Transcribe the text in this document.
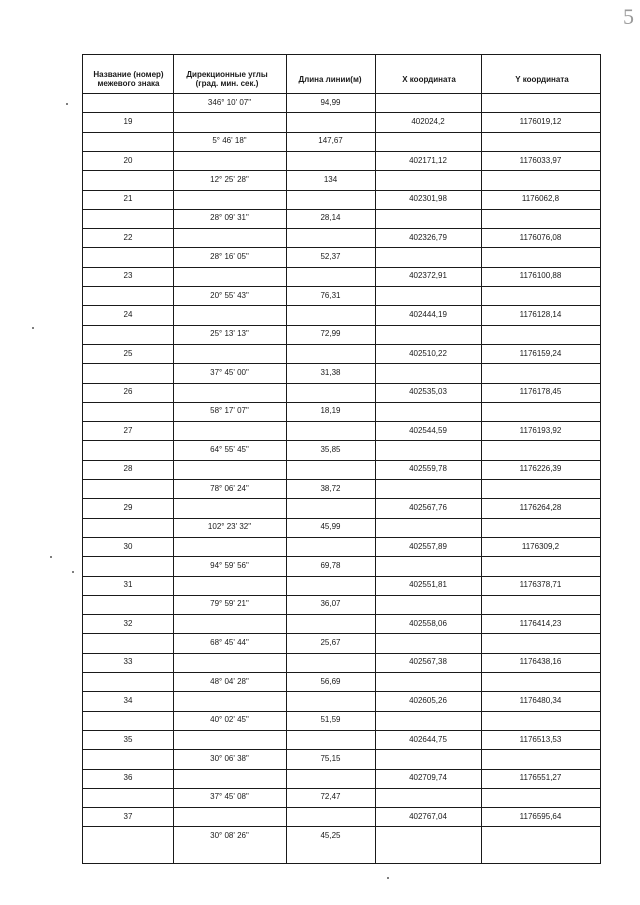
5
Название (номер) межевого знака
Дирекционные углы (град. мин. сек.)	Длина линии(м)	X координата	Y координата
346° 10' 07"	94,99
19	402024,2	1176019,12
5° 46' 18"	147,67
20	402171,12	1176033,97
12° 25' 28"	134
21	402301,98	1176062,8
28° 09' 31"	28,14
22	402326,79	1176076,08
28° 16' 05"	52,37
23	402372,91	1176100,88
20° 55' 43"	76,31
24	402444,19	1176128,14
25° 13' 13"	72,99
25	402510,22	1176159,24
37° 45' 00"	31,38
26	402535,03	1176178,45
58° 17' 07"	18,19
27	402544,59	1176193,92
64° 55' 45"	35,85
28	402559,78	1176226,39
78° 06' 24"	38,72
29	402567,76	1176264,28
102° 23' 32"	45,99
30	402557,89	1176309,2
94° 59' 56"	69,78
31	402551,81	1176378,71
79° 59' 21"	36,07
32	402558,06	1176414,23
68° 45' 44"	25,67
33	402567,38	1176438,16
48° 04' 28"	56,69
34	402605,26	1176480,34
40° 02' 45"	51,59
35	402644,75	1176513,53
30° 06' 38"	75,15
36	402709,74	1176551,27
37° 45' 08"	72,47
37	402767,04	1176595,64
30° 08' 26"	45,25
